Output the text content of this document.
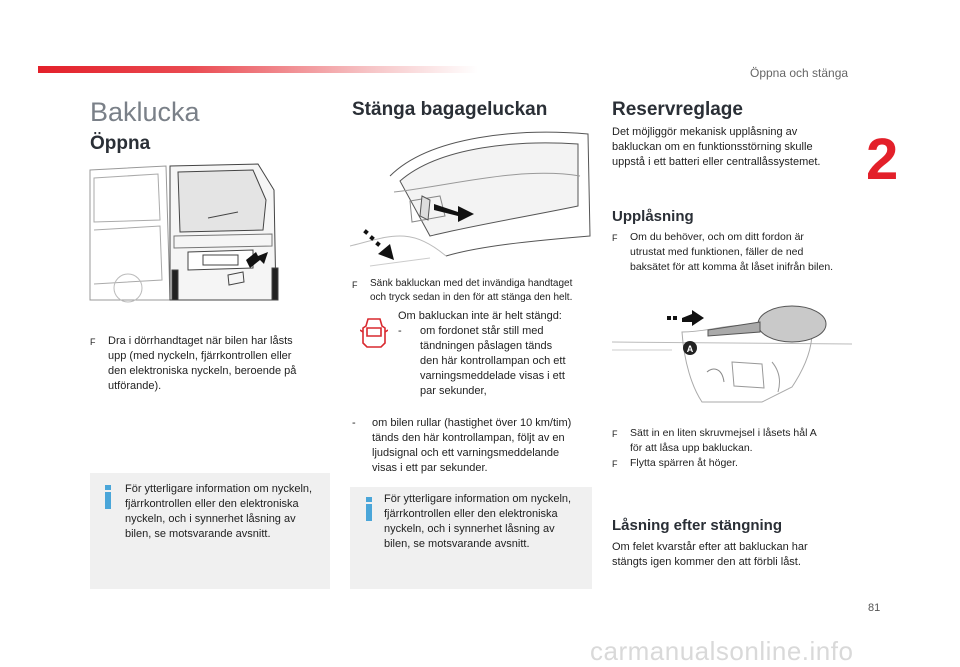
Öppna och stänga
2
Baklucka
Öppna
F	Dra i dörrhandtaget när bilen har låsts
upp (med nyckeln, fjärrkontrollen eller
den elektroniska nyckeln, beroende på
utförande).
För ytterligare information om nyckeln,
fjärrkontrollen eller den elektroniska
nyckeln, och i synnerhet låsning av
bilen, se motsvarande avsnitt.
Stänga bagageluckan
F	Sänk bakluckan med det invändiga handtaget
och tryck sedan in den för att stänga den helt.
Om bakluckan inte är helt stängd:
-	om fordonet står still med
tändningen påslagen tänds
den här kontrollampan och ett
varningsmeddelade visas i ett
par sekunder,
-	om bilen rullar (hastighet över 10 km/tim)
tänds den här kontrollampan, följt av en
ljudsignal och ett varningsmeddelande
visas i ett par sekunder.
För ytterligare information om nyckeln,
fjärrkontrollen eller den elektroniska
nyckeln, och i synnerhet låsning av
bilen, se motsvarande avsnitt.
Reservreglage
Det möjliggör mekanisk upplåsning av
bakluckan om en funktionsstörning skulle
uppstå i ett batteri eller centrallåssystemet.
Upplåsning
F	Om du behöver, och om ditt fordon är
utrustat med funktionen, fäller de ned
baksätet för att komma åt låset inifrån bilen.
A
F	Sätt in en liten skruvmejsel i låsets hål A
för att låsa upp bakluckan.
F	Flytta spärren åt höger.
Låsning efter stängning
Om felet kvarstår efter att bakluckan har
stängts igen kommer den att förbli låst.
81
carmanualsonline.info
